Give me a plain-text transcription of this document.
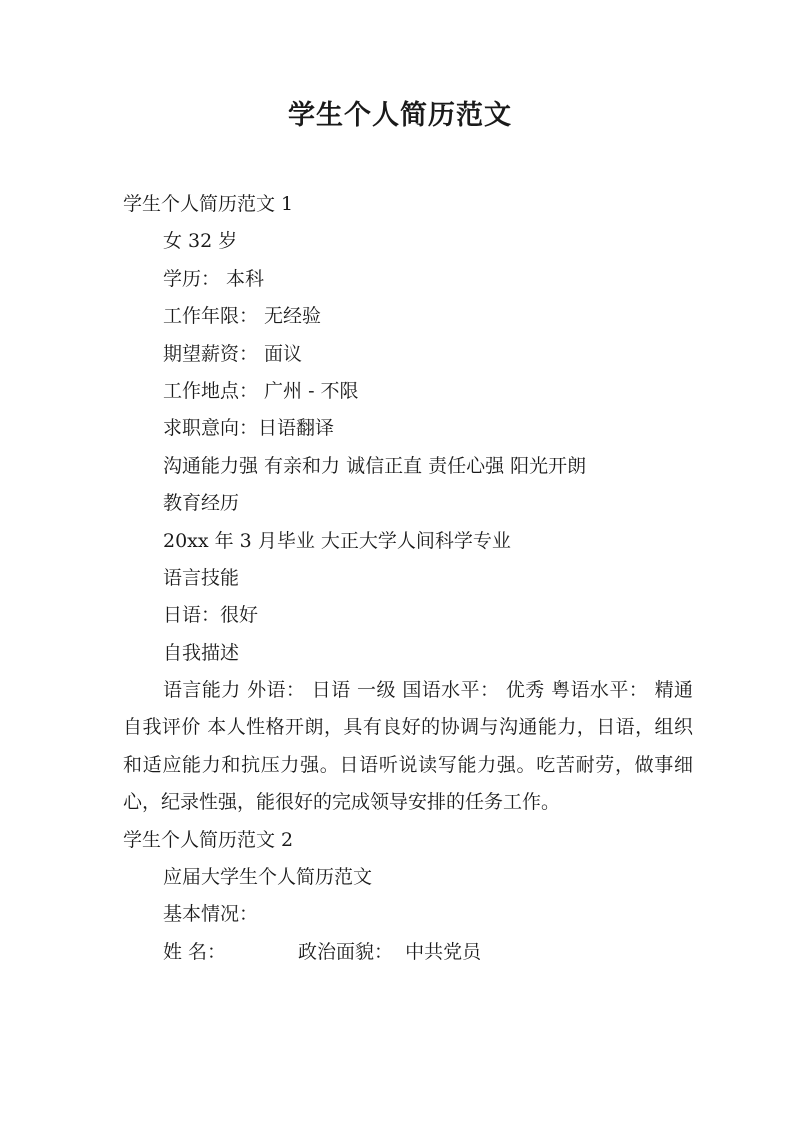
学生个人简历范文
学生个人简历范文 1
女 32 岁
学历： 本科
工作年限： 无经验
期望薪资： 面议
工作地点： 广州 - 不限
求职意向：日语翻译
沟通能力强 有亲和力 诚信正直 责任心强 阳光开朗
教育经历
20xx 年 3 月毕业 大正大学人间科学专业
语言技能
日语：很好
自我描述
语言能力 外语： 日语 一级 国语水平： 优秀 粤语水平： 精通 自我评价 本人性格开朗，具有良好的协调与沟通能力，日语，组织和适应能力和抗压力强。日语听说读写能力强。吃苦耐劳，做事细心，纪录性强，能很好的完成领导安排的任务工作。
学生个人简历范文 2
应届大学生个人简历范文
基本情况：
姓 名：	政治面貌： 中共党员
